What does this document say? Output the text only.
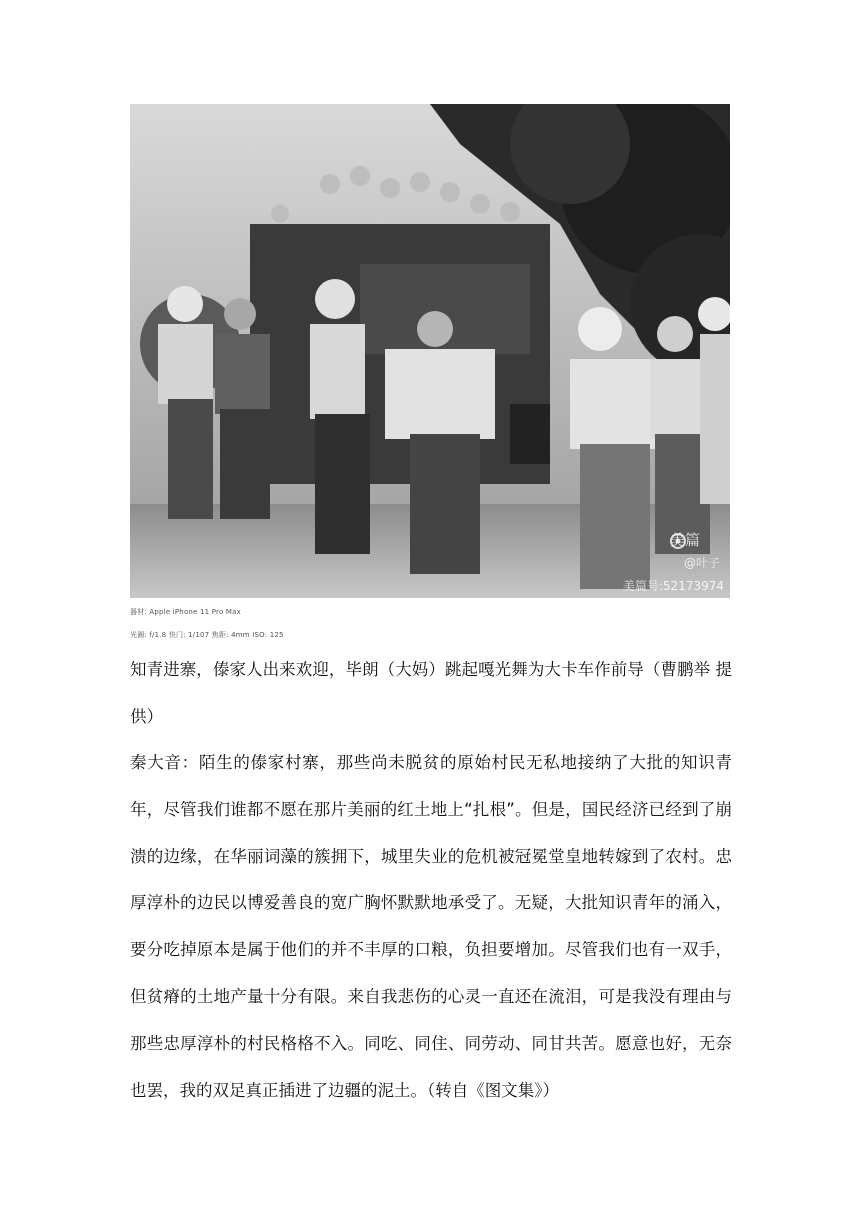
美篇
@叶子
美篇号:52173974
器材: Apple iPhone 11 Pro Max
光圈: f/1.8 快门: 1/107 焦距: 4mm ISO: 125
知青进寨，傣家人出来欢迎，毕朗（大妈）跳起嘎光舞为大卡车作前导（曹鹏举 提供）
秦大音：陌生的傣家村寨，那些尚未脱贫的原始村民无私地接纳了大批的知识青年，尽管我们谁都不愿在那片美丽的红土地上“扎根”。但是，国民经济已经到了崩溃的边缘，在华丽词藻的簇拥下，城里失业的危机被冠冕堂皇地转嫁到了农村。忠厚淳朴的边民以博爱善良的宽广胸怀默默地承受了。无疑，大批知识青年的涌入，要分吃掉原本是属于他们的并不丰厚的口粮，负担要增加。尽管我们也有一双手，但贫瘠的土地产量十分有限。来自我悲伤的心灵一直还在流泪，可是我没有理由与那些忠厚淳朴的村民格格不入。同吃、同住、同劳动、同甘共苦。愿意也好，无奈也罢，我的双足真正插进了边疆的泥土。（转自《图文集》）
